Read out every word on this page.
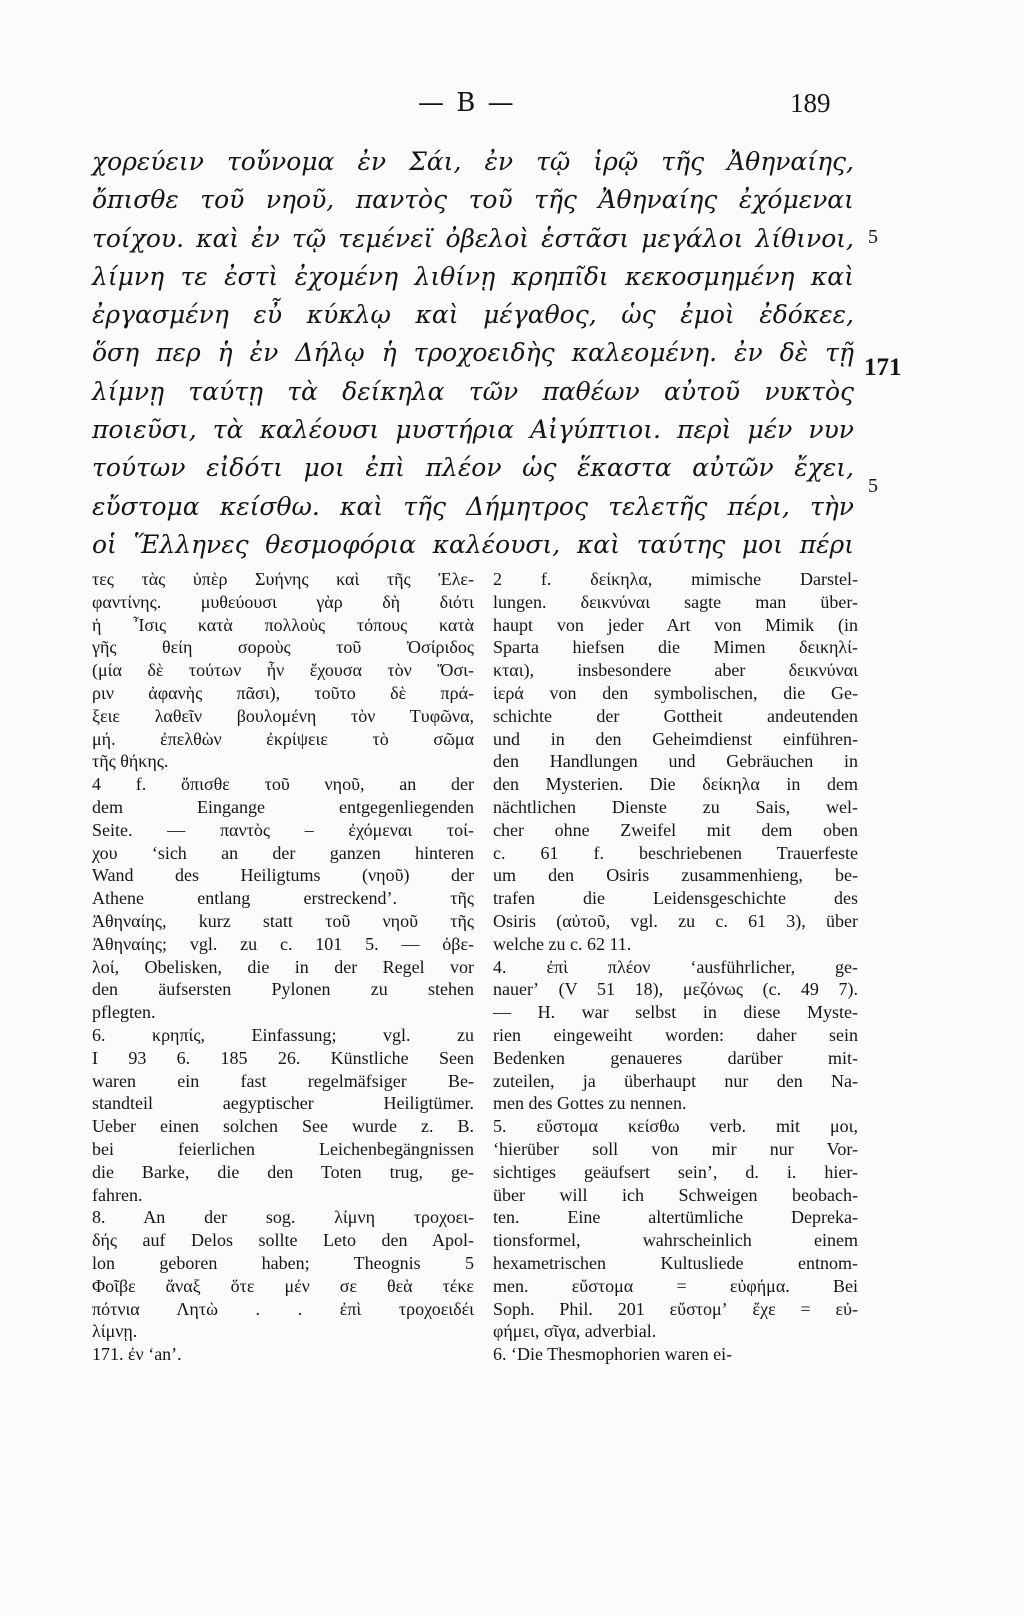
— B —	189
χορεύειν τοὔνομα ἐν Σάι, ἐν τῷ ἱρῷ τῆς Ἀθηναίης,
ὄπισθε τοῦ νηοῦ, παντὸς τοῦ τῆς Ἀθηναίης ἐχόμεναι
τοίχου. καὶ ἐν τῷ τεμένεϊ ὀβελοὶ ἑστᾶσι μεγάλοι λίθινοι,
λίμνη τε ἐστὶ ἐχομένη λιθίνῃ κρηπῖδι κεκοσμημένη καὶ
ἐργασμένη εὖ κύκλῳ καὶ μέγαθος, ὡς ἐμοὶ ἐδόκεε,
ὅση περ ἡ ἐν Δήλῳ ἡ τροχοειδὴς καλεομένη. ἐν δὲ τῇ
λίμνῃ ταύτῃ τὰ δείκηλα τῶν παθέων αὐτοῦ νυκτὸς
ποιεῦσι, τὰ καλέουσι μυστήρια Αἰγύπτιοι. περὶ μέν νυν
τούτων εἰδότι μοι ἐπὶ πλέον ὡς ἕκαστα αὐτῶν ἔχει,
εὔστομα κείσθω. καὶ τῆς Δήμητρος τελετῆς πέρι, τὴν
οἱ Ἕλληνες θεσμοφόρια καλέουσι, καὶ ταύτης μοι πέρι
5
171
5
τες τὰς ὑπὲρ Συήνης καὶ τῆς Ἐλε-
φαντίνης. μυθεύουσι γὰρ δὴ διότι
ἡ Ἶσις κατὰ πολλοὺς τόπους κατὰ
γῆς θείη σοροὺς τοῦ Ὀσίριδος
(μία δὲ τούτων ἦν ἔχουσα τὸν Ὄσι-
ριν ἀφανὴς πᾶσι), τοῦτο δὲ πρά-
ξειε λαθεῖν βουλομένη τὸν Τυφῶνα,
μή. ἐπελθὼν ἐκρίψειε τὸ σῶμα
τῆς θήκης.
4 f. ὄπισθε τοῦ νηοῦ, an der
dem Eingange entgegenliegenden
Seite. — παντὸς – ἐχόμεναι τοί-
χου ʻsich an der ganzen hinteren
Wand des Heiligtums (νηοῦ) der
Athene entlang erstreckendʼ. τῆς
Ἀθηναίης, kurz statt τοῦ νηοῦ τῆς
Ἀθηναίης; vgl. zu c. 101 5. — ὀβε-
λοί, Obelisken, die in der Regel vor
den äufsersten Pylonen zu stehen
pflegten.
6. κρηπίς, Einfassung; vgl. zu
I 93 6. 185 26. Künstliche Seen
waren ein fast regelmäfsiger Be-
standteil aegyptischer Heiligtümer.
Ueber einen solchen See wurde z. B.
bei feierlichen Leichenbegängnissen
die Barke, die den Toten trug, ge-
fahren.
8. An der sog. λίμνη τροχοει-
δής auf Delos sollte Leto den Apol-
lon geboren haben; Theognis 5
Φοῖβε ἄναξ ὅτε μέν σε θεὰ τέκε
πότνια Λητὼ . . ἐπὶ τροχοειδέι
λίμνῃ.
171. ἐν ʻanʼ.
2 f. δείκηλα, mimische Darstel-
lungen. δεικνύναι sagte man über-
haupt von jeder Art von Mimik (in
Sparta hiefsen die Mimen δεικηλί-
κται), insbesondere aber δεικνύναι
ἱερά von den symbolischen, die Ge-
schichte der Gottheit andeutenden
und in den Geheimdienst einführen-
den Handlungen und Gebräuchen in
den Mysterien. Die δείκηλα in dem
nächtlichen Dienste zu Sais, wel-
cher ohne Zweifel mit dem oben
c. 61 f. beschriebenen Trauerfeste
um den Osiris zusammenhieng, be-
trafen die Leidensgeschichte des
Osiris (αὐτοῦ, vgl. zu c. 61 3), über
welche zu c. 62 11.
4. ἐπὶ πλέον ʻausführlicher, ge-
nauerʼ (V 51 18), μεζόνως (c. 49 7).
— H. war selbst in diese Myste-
rien eingeweiht worden: daher sein
Bedenken genaueres darüber mit-
zuteilen, ja überhaupt nur den Na-
men des Gottes zu nennen.
5. εὔστομα κείσθω verb. mit μοι,
ʻhierüber soll von mir nur Vor-
sichtiges geäufsert seinʼ, d. i. hier-
über will ich Schweigen beobach-
ten. Eine altertümliche Depreka-
tionsformel, wahrscheinlich einem
hexametrischen Kultusliede entnom-
men. εὔστομα = εὐφήμα. Bei
Soph. Phil. 201 εὔστομʼ ἔχε = εὐ-
φήμει, σῖγα, adverbial.
6. ʻDie Thesmophorien waren ei-
